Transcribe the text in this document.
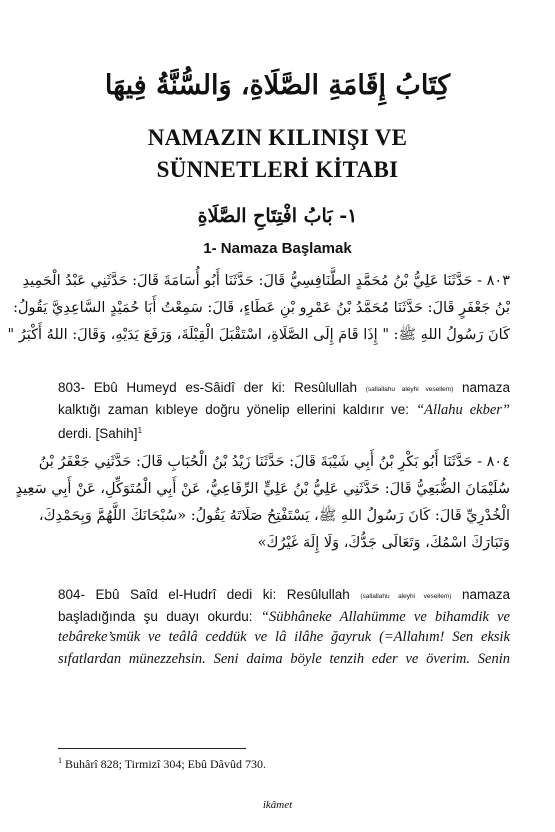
كِتَابُ إِقَامَةِ الصَّلَاةِ، وَالسُّنَّةُ فِيهَا
NAMAZIN KILINIŞI VE
SÜNNETLERİ KİTABI
١- بَابُ افْتِتَاحِ الصَّلَاةِ
1- Namaza Başlamak
٨٠٣ - حَدَّثَنَا عَلِيُّ بْنُ مُحَمَّدٍ الطَّنَافِسِيُّ قَالَ: حَدَّثَنَا أَبُو أُسَامَةَ قَالَ: حَدَّثَنِي عَبْدُ الْحَمِيدِ
بْنُ جَعْفَرٍ قَالَ: حَدَّثَنَا مُحَمَّدُ بْنُ عَمْرِو بْنِ عَطَاءٍ، قَالَ: سَمِعْتُ أَبَا حُمَيْدٍ السَّاعِدِيَّ يَقُولُ:
كَانَ رَسُولُ اللهِ ﷺ: " إِذَا قَامَ إِلَى الصَّلَاةِ، اسْتَقْبَلَ الْقِبْلَةَ، وَرَفَعَ يَدَيْهِ، وَقَالَ: اللهُ أَكْبَرُ "
803- Ebû Humeyd es-Sâidî der ki: Resûlullah (sallallahu aleyhi vesellem) namaza
kalktığı zaman kıbleye doğru yönelip ellerini kaldırır ve: “Allahu ekber”
derdi. [Sahih]$^1$
٨٠٤ - حَدَّثَنَا أَبُو بَكْرِ بْنُ أَبِي شَيْبَةَ قَالَ: حَدَّثَنَا زَيْدُ بْنُ الْحُبَابِ قَالَ: حَدَّثَنِي جَعْفَرُ بْنُ
سُلَيْمَانَ الضُّبَعِيُّ قَالَ: حَدَّثَنِي عَلِيُّ بْنُ عَلِيٍّ الرِّفَاعِيُّ، عَنْ أَبِي الْمُتَوَكِّلِ، عَنْ أَبِي سَعِيدٍ
الْخُدْرِيِّ قَالَ: كَانَ رَسُولُ اللهِ ﷺ، يَسْتَفْتِحُ صَلَاتَهُ يَقُولُ: «سُبْحَانَكَ اللَّهُمَّ وَبِحَمْدِكَ،
وَتَبَارَكَ اسْمُكَ، وَتَعَالَى جَدُّكَ، وَلَا إِلَهَ غَيْرُكَ»
804- Ebû Saîd el-Hudrî dedi ki: Resûlullah (sallallahu aleyhi vesellem) namaza
başladığında şu duayı okurdu: “Sübhâneke Allahümme ve bihamdik ve
tebâreke’smük ve teâlâ ceddük ve lâ ilâhe ğayruk (=Allahım! Sen eksik
sıfatlardan münezzehsin. Seni daima böyle tenzih eder ve överim. Senin
$^1$ Buhârî 828; Tirmizî 304; Ebû Dâvûd 730.
ikâmet
